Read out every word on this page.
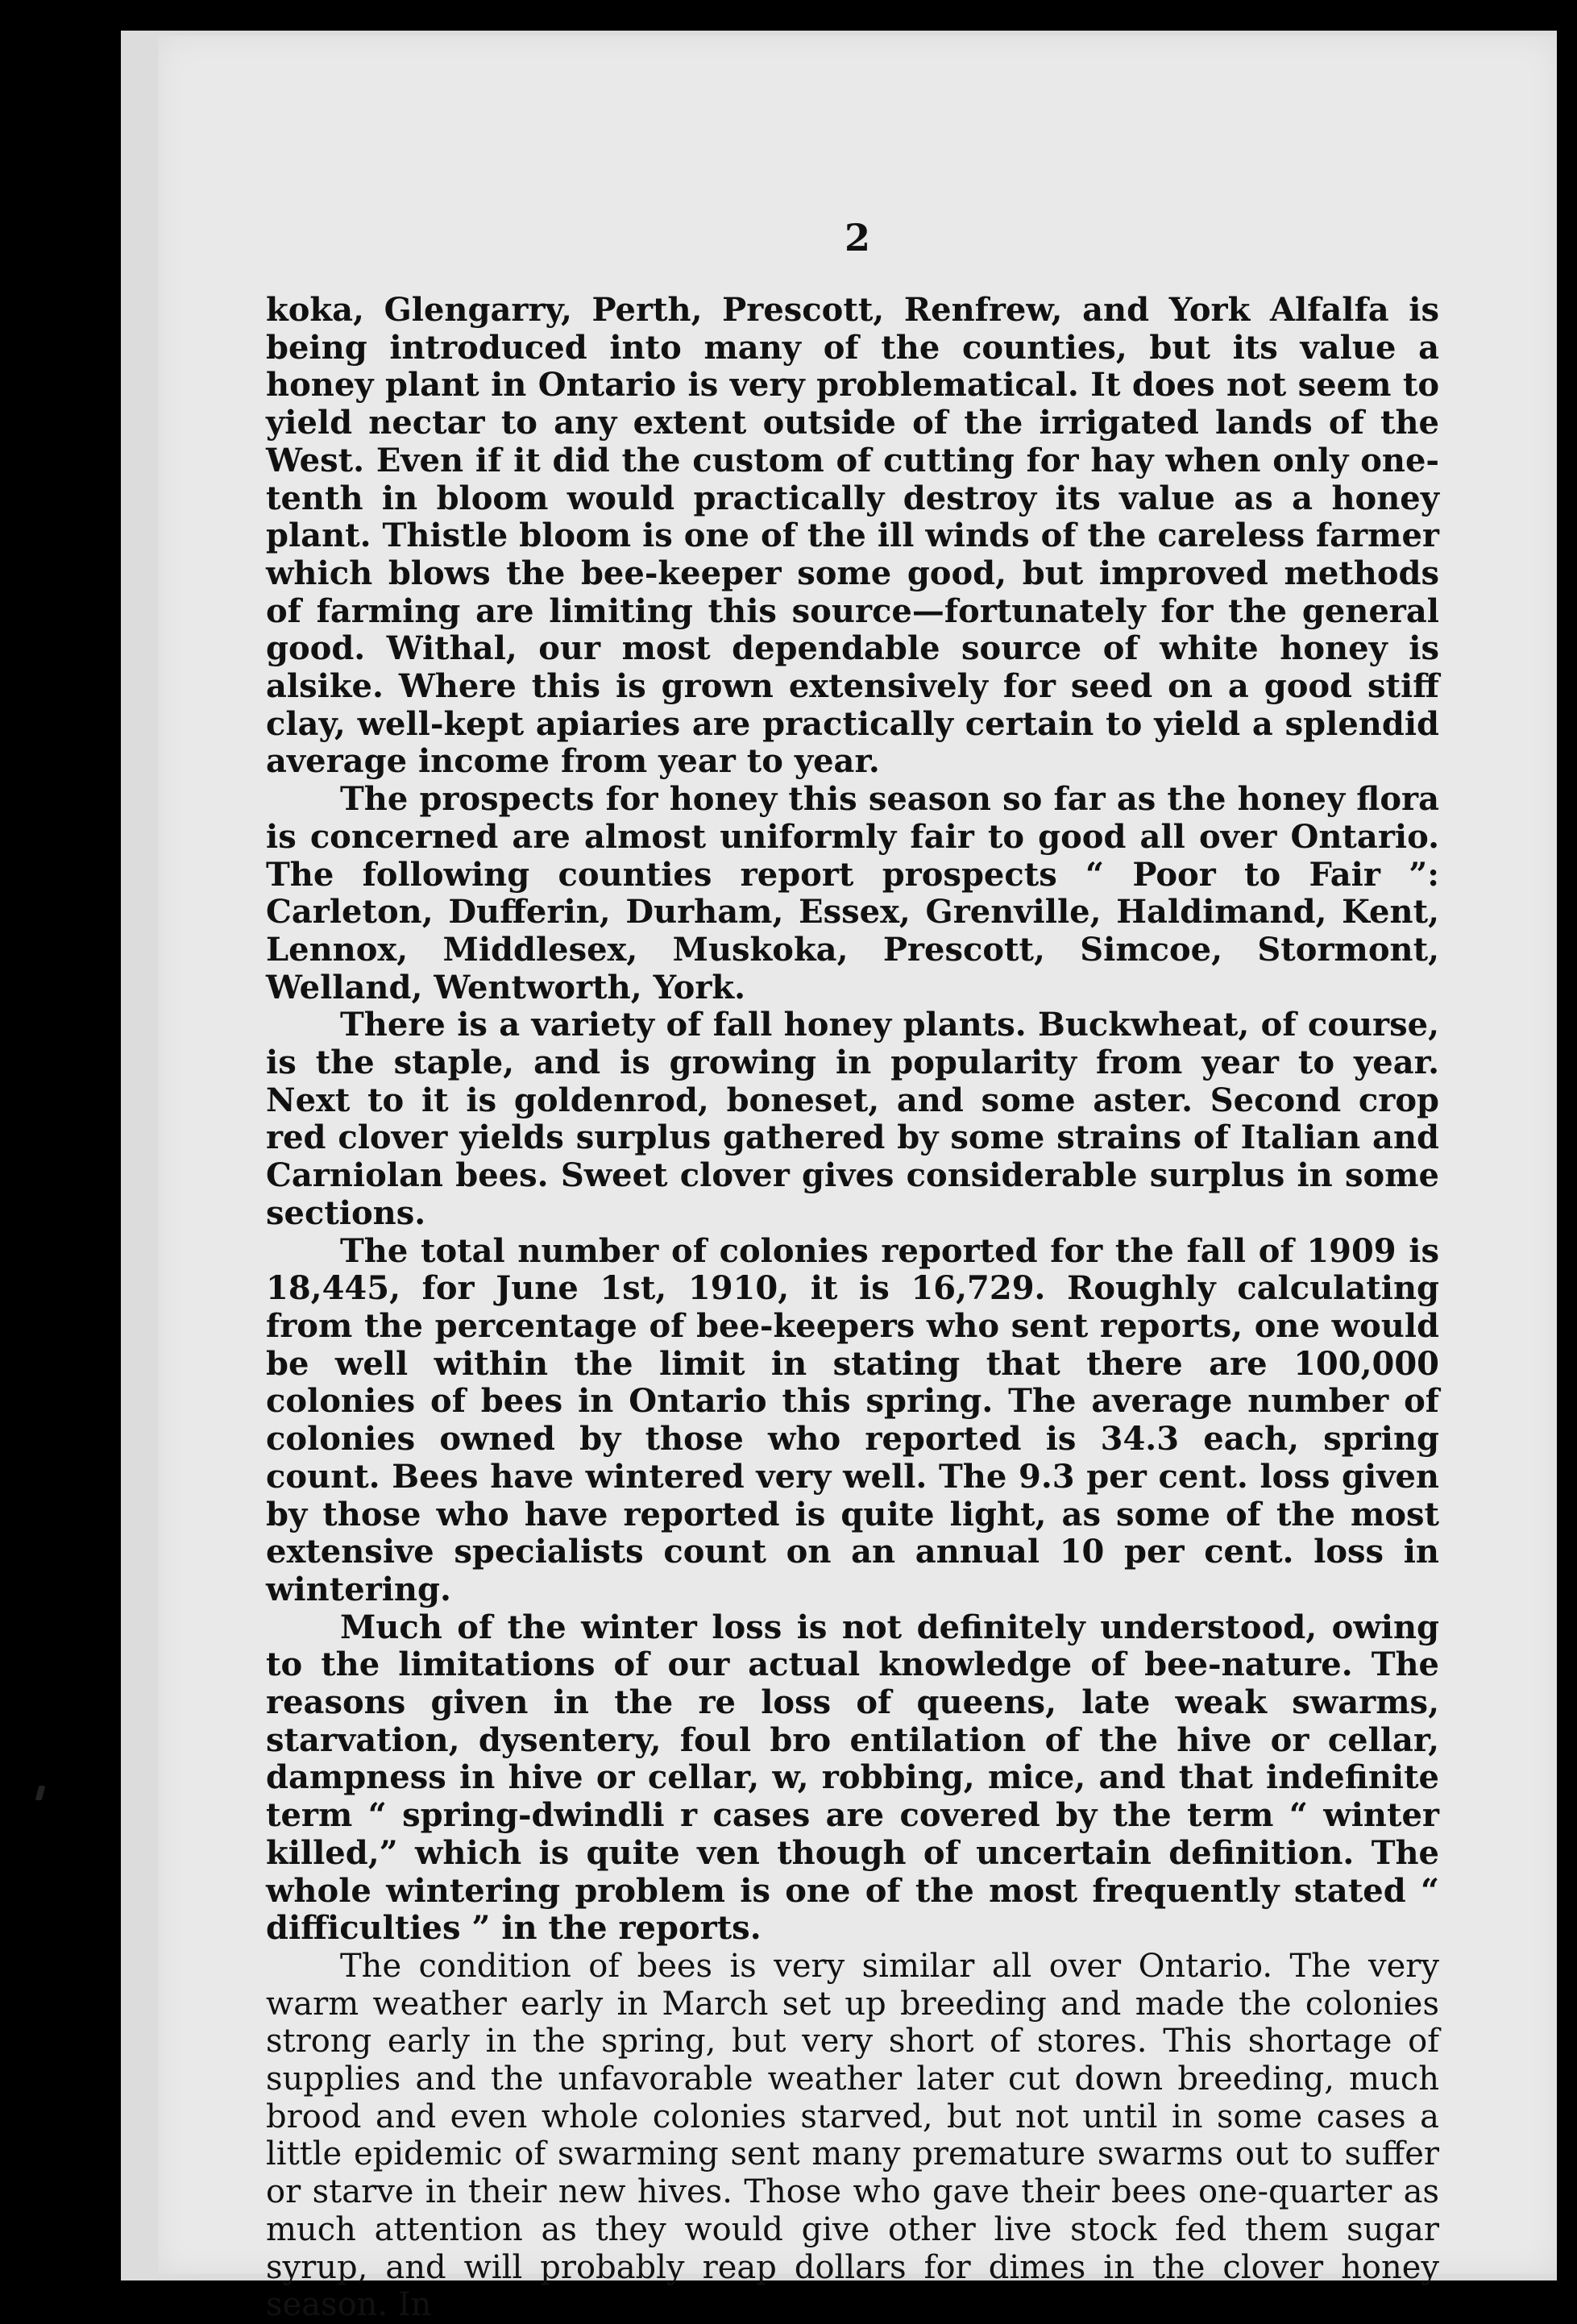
2

koka, Glengarry, Perth, Prescott, Renfrew, and York Alfalfa is being introduced into many of the counties, but its value a honey plant in Ontario is very problematical. It does not seem to yield nectar to any extent outside of the irrigated lands of the West. Even if it did the custom of cutting for hay when only one-tenth in bloom would practically destroy its value as a honey plant. Thistle bloom is one of the ill winds of the careless farmer which blows the bee-keeper some good, but improved methods of farming are limiting this source—fortunately for the general good. Withal, our most dependable source of white honey is alsike. Where this is grown extensively for seed on a good stiff clay, well-kept apiaries are practically certain to yield a splendid average income from year to year.

The prospects for honey this season so far as the honey flora is concerned are almost uniformly fair to good all over Ontario. The following counties report prospects “ Poor to Fair ”: Carleton, Dufferin, Durham, Essex, Grenville, Haldimand, Kent, Lennox, Middlesex, Muskoka, Prescott, Simcoe, Stormont, Welland, Wentworth, York.

There is a variety of fall honey plants. Buckwheat, of course, is the staple, and is growing in popularity from year to year. Next to it is goldenrod, boneset, and some aster. Second crop red clover yields surplus gathered by some strains of Italian and Carniolan bees. Sweet clover gives considerable surplus in some sections.

The total number of colonies reported for the fall of 1909 is 18,445, for June 1st, 1910, it is 16,729. Roughly calculating from the percentage of bee-keepers who sent reports, one would be well within the limit in stating that there are 100,000 colonies of bees in Ontario this spring. The average number of colonies owned by those who reported is 34.3 each, spring count. Bees have wintered very well. The 9.3 per cent. loss given by those who have reported is quite light, as some of the most extensive specialists count on an annual 10 per cent. loss in wintering.

Much of the winter loss is not definitely understood, owing to the limitations of our actual knowledge of bee-nature. The reasons given in the re loss of queens, late weak swarms, starvation, dysentery, foul bro entilation of the hive or cellar, dampness in hive or cellar, w, robbing, mice, and that indefinite term “ spring-dwindli r cases are covered by the term “ winter killed,” which is quite ven though of uncertain definition. The whole wintering problem is one of the most frequently stated “ difficulties ” in the reports.

The condition of bees is very similar all over Ontario. The very warm weather early in March set up breeding and made the colonies strong early in the spring, but very short of stores. This shortage of supplies and the unfavorable weather later cut down breeding, much brood and even whole colonies starved, but not until in some cases a little epidemic of swarming sent many premature swarms out to suffer or starve in their new hives. Those who gave their bees one-quarter as much attention as they would give other live stock fed them sugar syrup, and will probably reap dollars for dimes in the clover honey season. In
